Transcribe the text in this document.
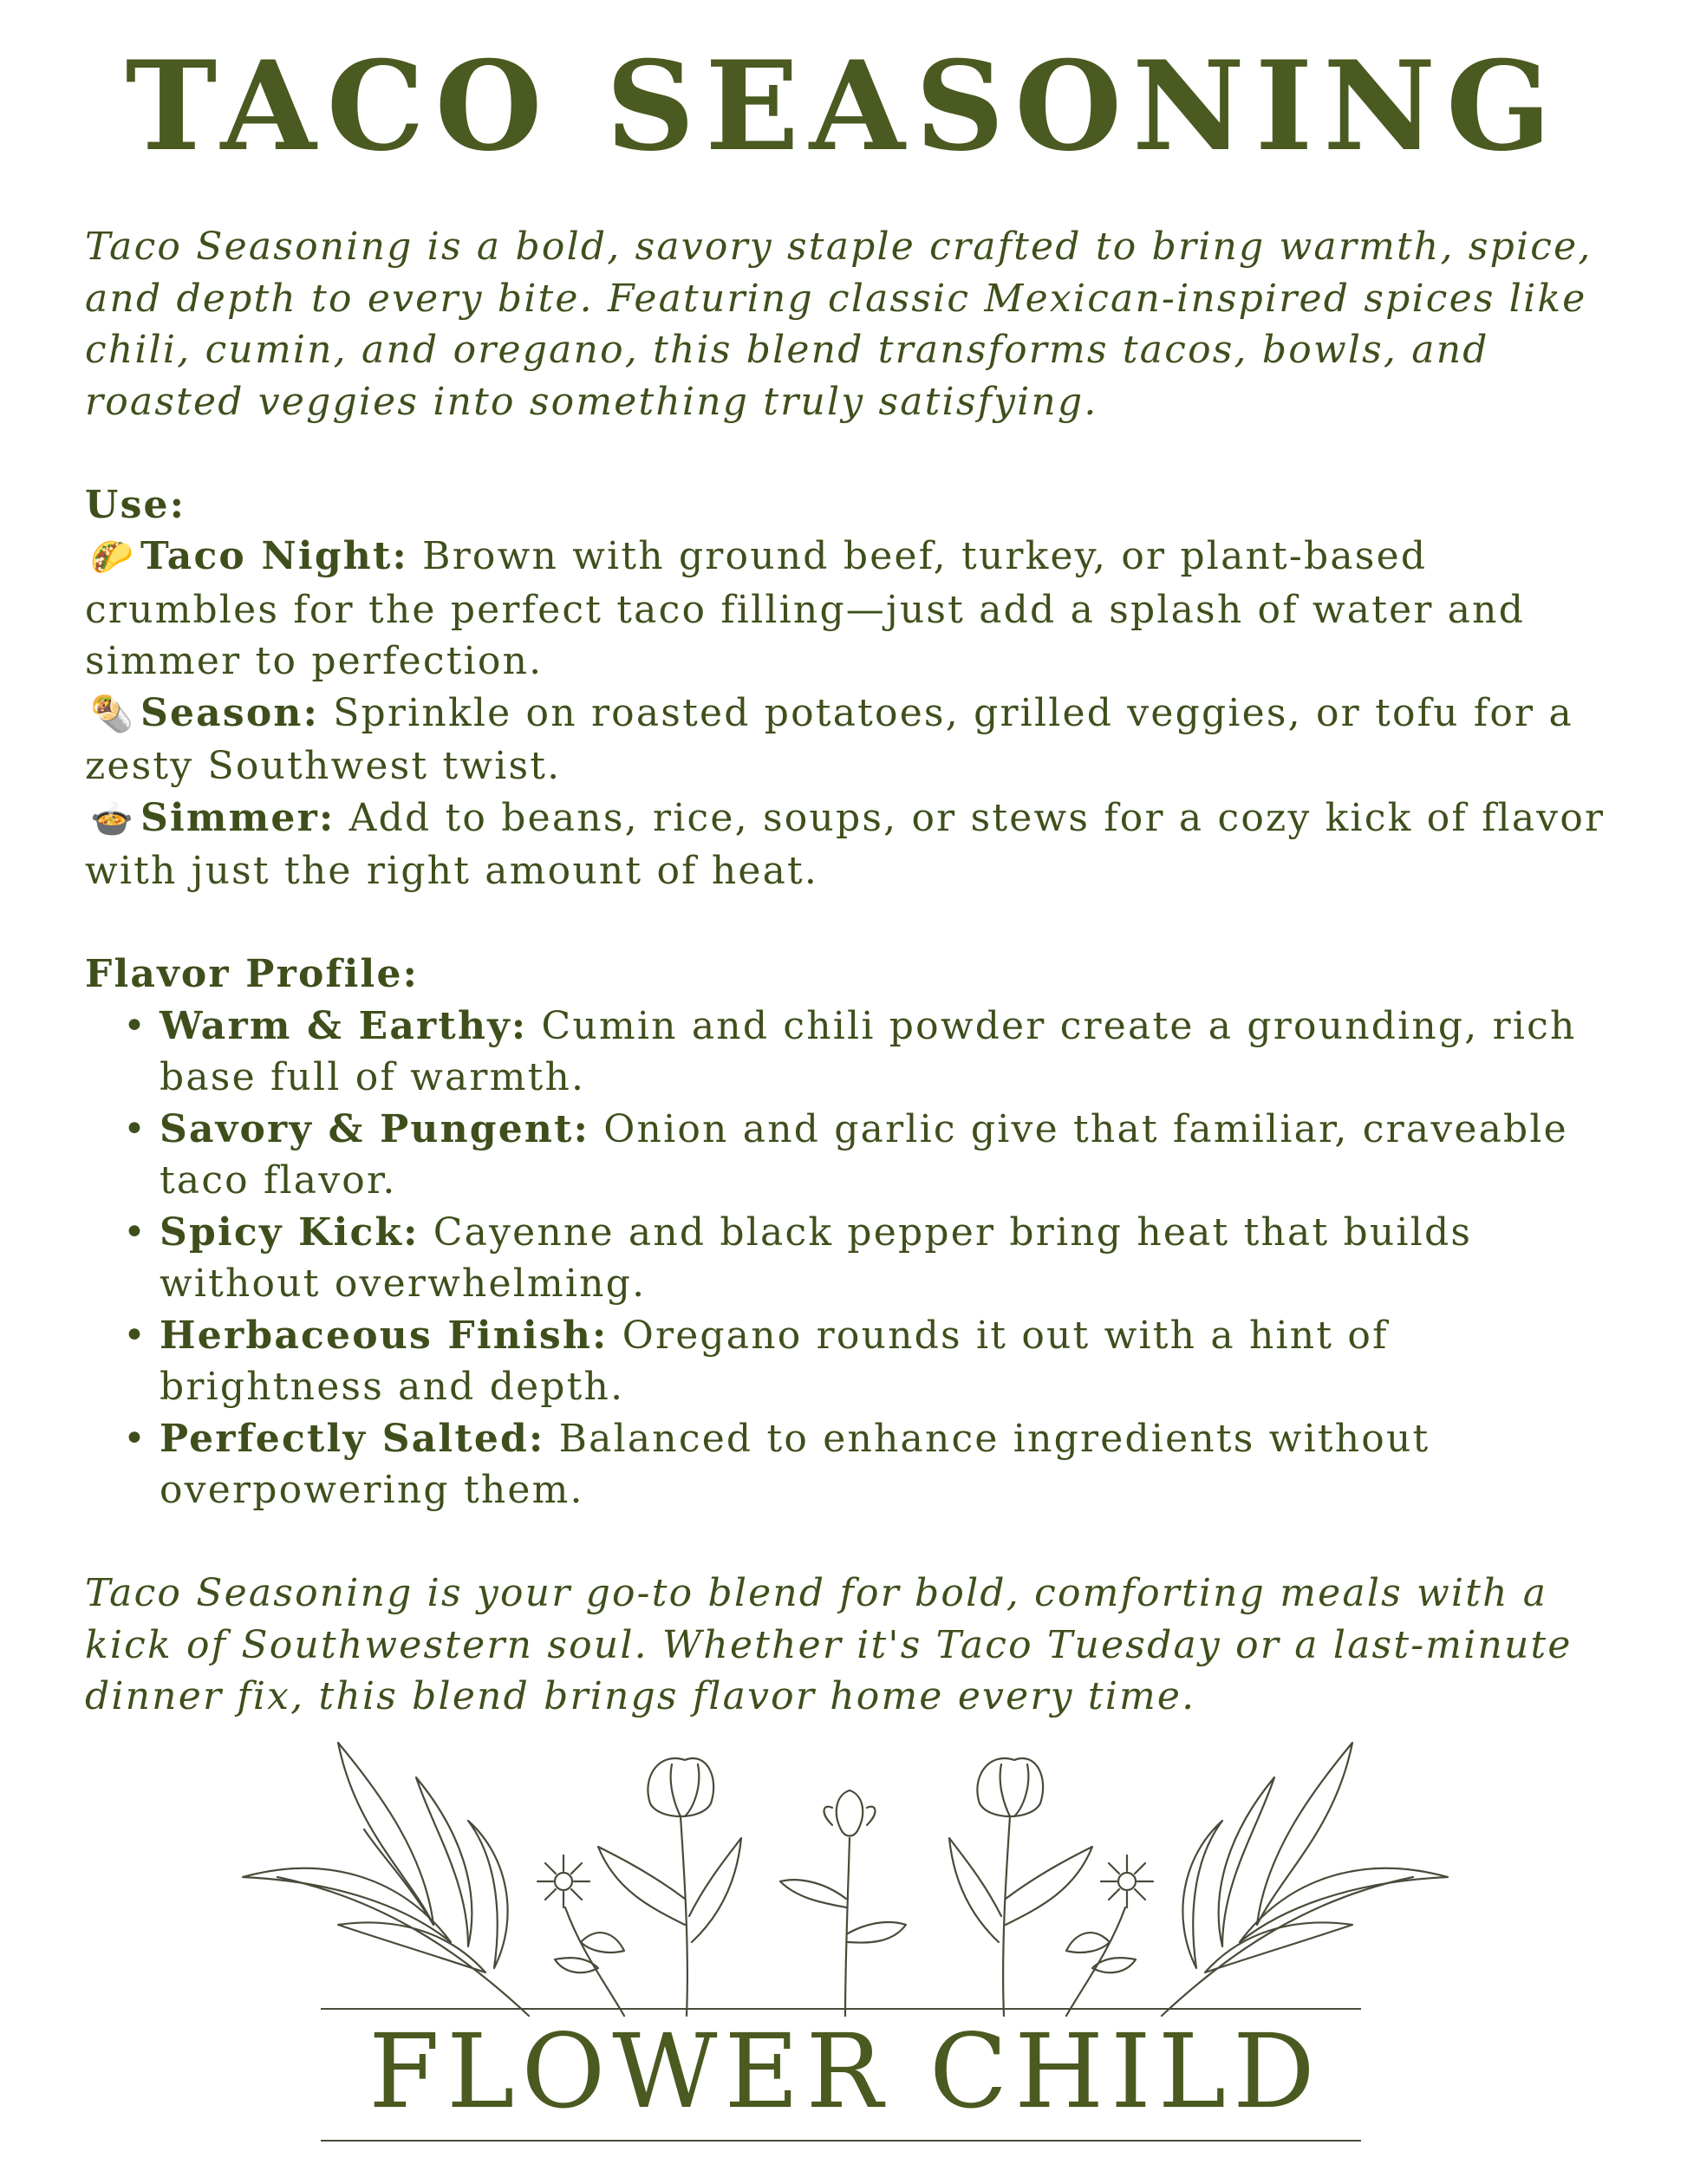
TACO SEASONING

Taco Seasoning is a bold, savory staple crafted to bring warmth, spice, and depth to every bite. Featuring classic Mexican-inspired spices like chili, cumin, and oregano, this blend transforms tacos, bowls, and roasted veggies into something truly satisfying.

Use:

🌮 Taco Night: Brown with ground beef, turkey, or plant-based crumbles for the perfect taco filling—just add a splash of water and simmer to perfection.

🌯 Season: Sprinkle on roasted potatoes, grilled veggies, or tofu for a zesty Southwest twist.

🍲 Simmer: Add to beans, rice, soups, or stews for a cozy kick of flavor with just the right amount of heat.

Flavor Profile:

• Warm & Earthy: Cumin and chili powder create a grounding, rich base full of warmth.
• Savory & Pungent: Onion and garlic give that familiar, craveable taco flavor.
• Spicy Kick: Cayenne and black pepper bring heat that builds without overwhelming.
• Herbaceous Finish: Oregano rounds it out with a hint of brightness and depth.
• Perfectly Salted: Balanced to enhance ingredients without overpowering them.

Taco Seasoning is your go-to blend for bold, comforting meals with a kick of Southwestern soul. Whether it's Taco Tuesday or a last-minute dinner fix, this blend brings flavor home every time.

FLOWER CHILD
